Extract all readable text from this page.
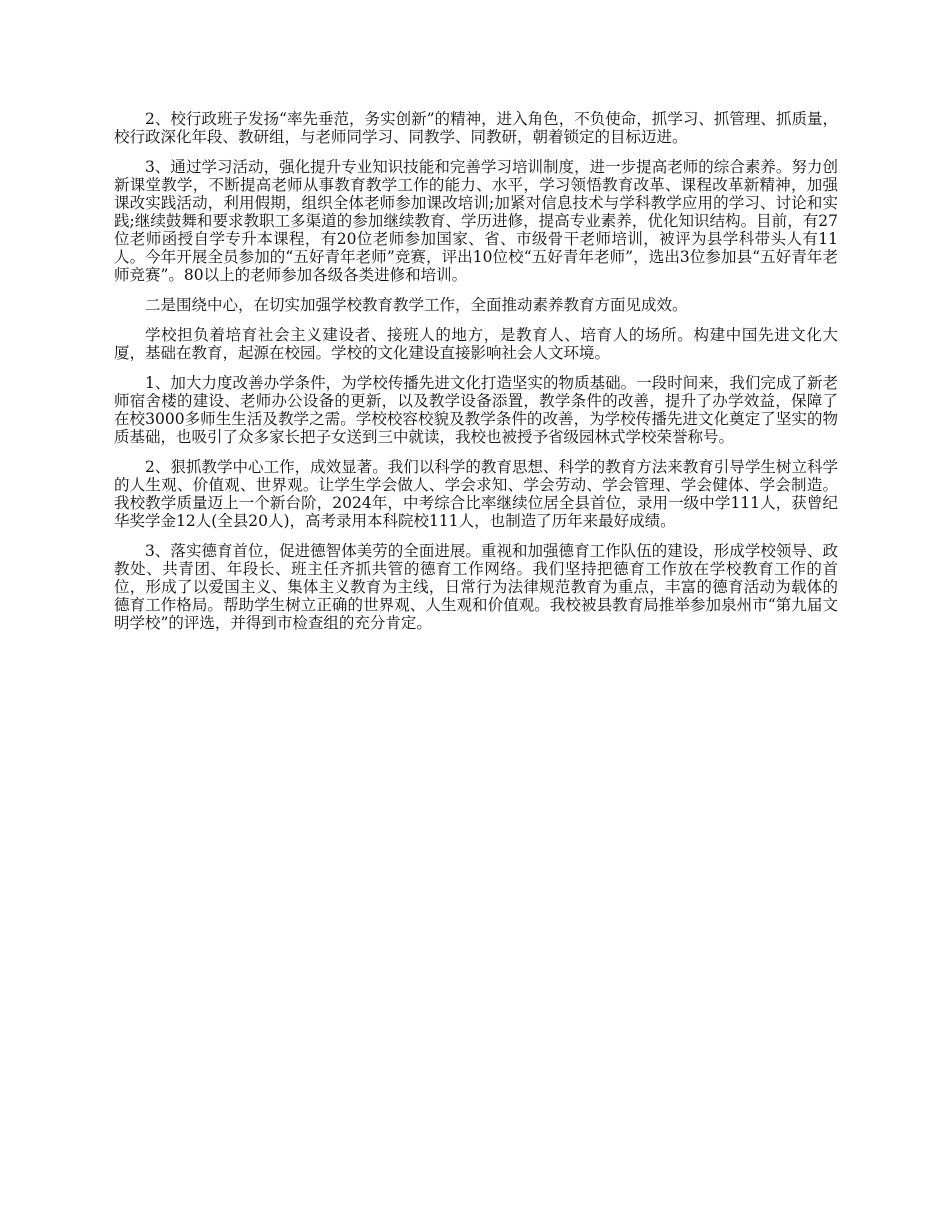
2、校行政班子发扬“率先垂范，务实创新”的精神，进入角色，不负使命，抓学习、抓管理、抓质量，校行政深化年段、教研组，与老师同学习、同教学、同教研，朝着锁定的目标迈进。

3、通过学习活动，强化提升专业知识技能和完善学习培训制度，进一步提高老师的综合素养。努力创新课堂教学，不断提高老师从事教育教学工作的能力、水平，学习领悟教育改革、课程改革新精神，加强课改实践活动，利用假期，组织全体老师参加课改培训;加紧对信息技术与学科教学应用的学习、讨论和实践;继续鼓舞和要求教职工多渠道的参加继续教育、学历进修，提高专业素养，优化知识结构。目前，有27位老师函授自学专升本课程，有20位老师参加国家、省、市级骨干老师培训，被评为县学科带头人有11人。今年开展全员参加的“五好青年老师”竞赛，评出10位校“五好青年老师”，选出3位参加县“五好青年老师竞赛”。80以上的老师参加各级各类进修和培训。

二是围绕中心，在切实加强学校教育教学工作，全面推动素养教育方面见成效。

学校担负着培育社会主义建设者、接班人的地方，是教育人、培育人的场所。构建中国先进文化大厦，基础在教育，起源在校园。学校的文化建设直接影响社会人文环境。

1、加大力度改善办学条件，为学校传播先进文化打造坚实的物质基础。一段时间来，我们完成了新老师宿舍楼的建设、老师办公设备的更新，以及教学设备添置，教学条件的改善，提升了办学效益，保障了在校3000多师生生活及教学之需。学校校容校貌及教学条件的改善，为学校传播先进文化奠定了坚实的物质基础，也吸引了众多家长把子女送到三中就读，我校也被授予省级园林式学校荣誉称号。

2、狠抓教学中心工作，成效显著。我们以科学的教育思想、科学的教育方法来教育引导学生树立科学的人生观、价值观、世界观。让学生学会做人、学会求知、学会劳动、学会管理、学会健体、学会制造。我校教学质量迈上一个新台阶，2024年，中考综合比率继续位居全县首位，录用一级中学111人，获曾纪华奖学金12人(全县20人)，高考录用本科院校111人，也制造了历年来最好成绩。

3、落实德育首位，促进德智体美劳的全面进展。重视和加强德育工作队伍的建设，形成学校领导、政教处、共青团、年段长、班主任齐抓共管的德育工作网络。我们坚持把德育工作放在学校教育工作的首位，形成了以爱国主义、集体主义教育为主线，日常行为法律规范教育为重点，丰富的德育活动为载体的德育工作格局。帮助学生树立正确的世界观、人生观和价值观。我校被县教育局推举参加泉州市“第九届文明学校”的评选，并得到市检查组的充分肯定。
